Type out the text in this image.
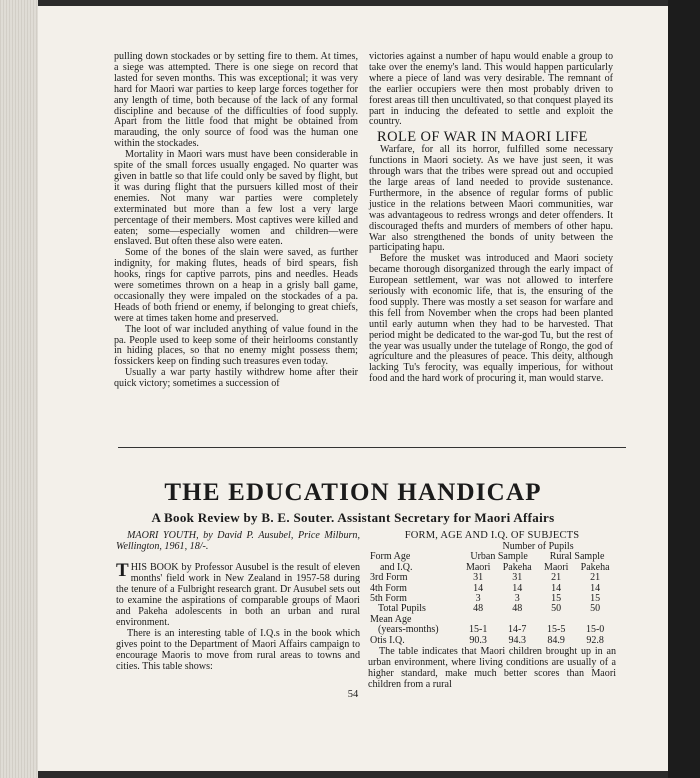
pulling down stockades or by setting fire to them. At times, a siege was attempted. There is one siege on record that lasted for seven months. This was exceptional; it was very hard for Maori war parties to keep large forces together for any length of time, both because of the lack of any formal discipline and because of the difficulties of food supply. Apart from the little food that might be obtained from marauding, the only source of food was the human one within the stockades.

Mortality in Maori wars must have been considerable in spite of the small forces usually engaged. No quarter was given in battle so that life could only be saved by flight, but it was during flight that the pursuers killed most of their enemies. Not many war parties were completely exterminated but more than a few lost a very large percentage of their members. Most captives were killed and eaten; some—especially women and children—were enslaved. But often these also were eaten.

Some of the bones of the slain were saved, as further indignity, for making flutes, heads of bird spears, fish hooks, rings for captive parrots, pins and needles. Heads were sometimes thrown on a heap in a grisly ball game, occasionally they were impaled on the stockades of a pa. Heads of both friend or enemy, if belonging to great chiefs, were at times taken home and preserved.

The loot of war included anything of value found in the pa. People used to keep some of their heirlooms constantly in hiding places, so that no enemy might possess them; fossickers keep on finding such treasures even today.

Usually a war party hastily withdrew home after their quick victory; sometimes a succession of

victories against a number of hapu would enable a group to take over the enemy's land. This would happen particularly where a piece of land was very desirable. The remnant of the earlier occupiers were then most probably driven to forest areas till then uncultivated, so that conquest played its part in inducing the defeated to settle and exploit the country.

ROLE OF WAR IN MAORI LIFE

Warfare, for all its horror, fulfilled some necessary functions in Maori society. As we have just seen, it was through wars that the tribes were spread out and occupied the large areas of land needed to provide sustenance. Furthermore, in the absence of regular forms of public justice in the relations between Maori communities, war was advantageous to redress wrongs and deter offenders. It discouraged thefts and murders of members of other hapu. War also strengthened the bonds of unity between the participating hapu.

Before the musket was introduced and Maori society became thorough disorganized through the early impact of European settlement, war was not allowed to interfere seriously with economic life, that is, the ensuring of the food supply. There was mostly a set season for warfare and this fell from November when the crops had been planted until early autumn when they had to be harvested. That period might be dedicated to the war-god Tu, but the rest of the year was usually under the tutelage of Rongo, the god of agriculture and the pleasures of peace. This deity, although lacking Tu's ferocity, was equally imperious, for without food and the hard work of procuring it, man would starve.

THE EDUCATION HANDICAP
A Book Review by B. E. Souter. Assistant Secretary for Maori Affairs

MAORI YOUTH, by David P. Ausubel, Price Milburn, Wellington, 1961, 18/-.

THIS BOOK by Professor Ausubel is the result of eleven months' field work in New Zealand in 1957-58 during the tenure of a Fulbright research grant. Dr Ausubel sets out to examine the aspirations of comparable groups of Maori and Pakeha adolescents in both an urban and rural environment.

There is an interesting table of I.Q.s in the book which gives point to the Department of Maori Affairs campaign to encourage Maoris to move from rural areas to towns and cities. This table shows:

FORM, AGE AND I.Q. OF SUBJECTS
	Number of Pupils			
Form Age	Urban Sample		Rural Sample	
and I.Q.	Maori	Pakeha	Maori	Pakeha
3rd Form	31	31	21	21
4th Form	14	14	14	14
5th Form	3	3	15	15
Total Pupils	48	48	50	50
Mean Age				
(years-months)	15-1	14-7	15-5	15-0
Otis I.Q.	90.3	94.3	84.9	92.8

The table indicates that Maori children brought up in an urban environment, where living conditions are usually of a higher standard, make much better scores than Maori children from a rural

54
